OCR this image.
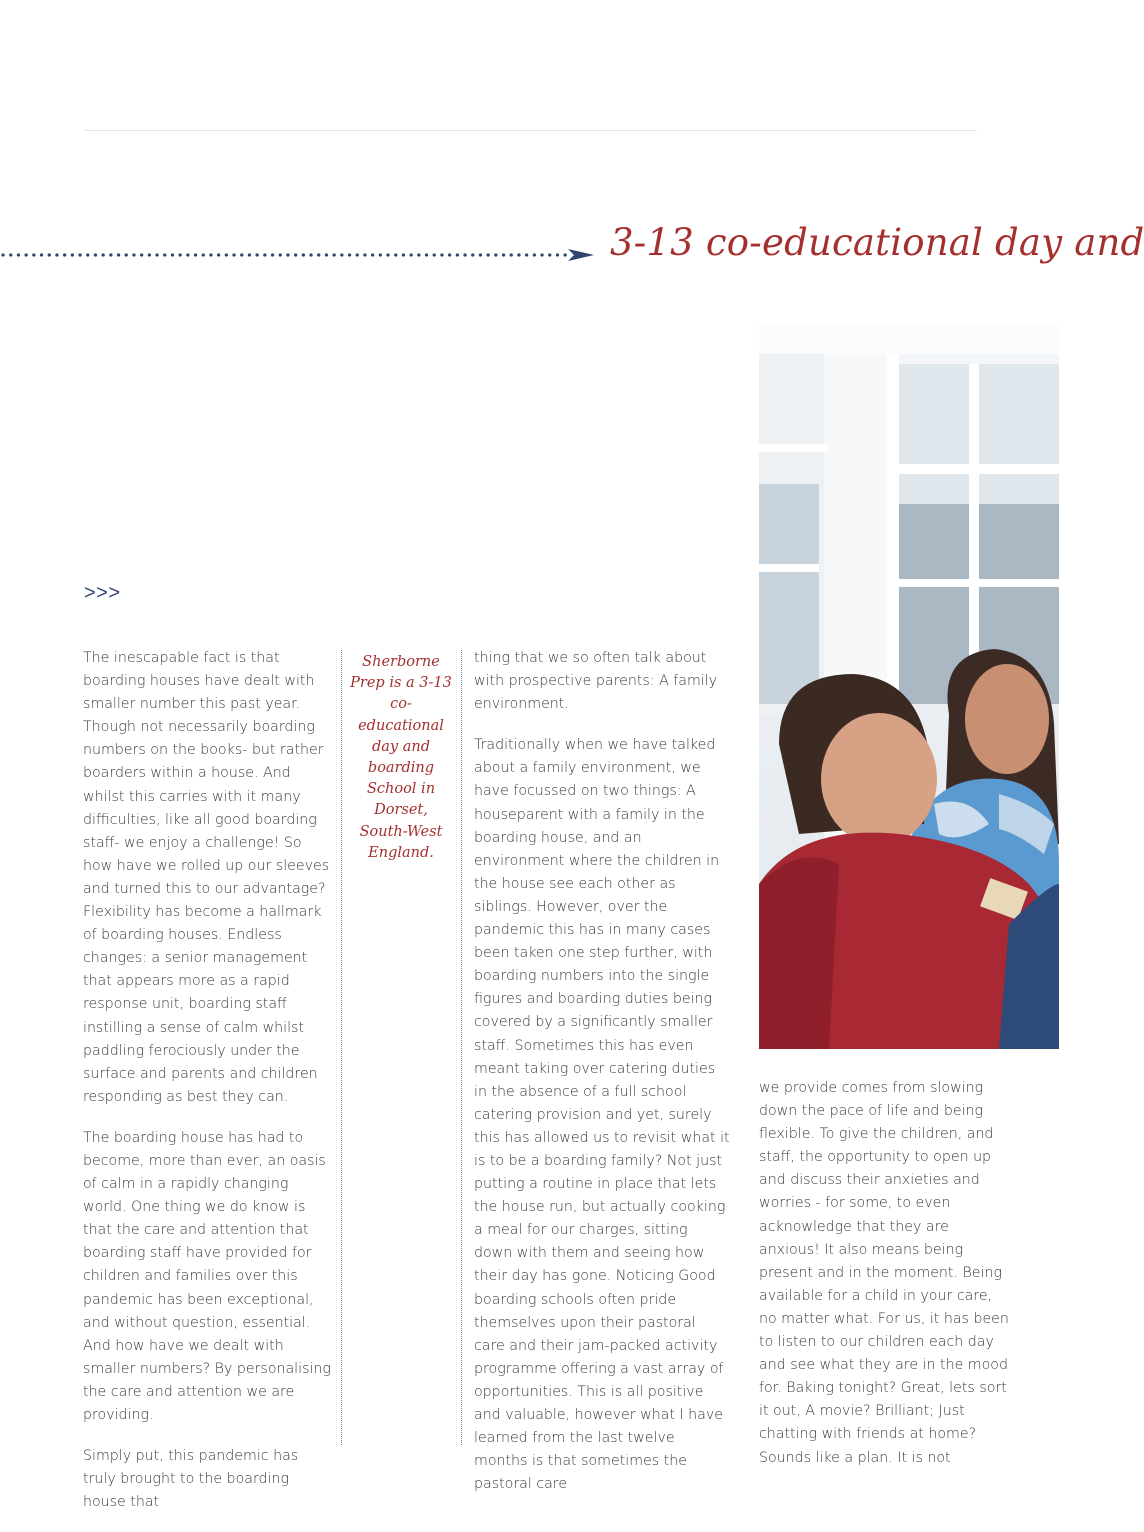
3-13 co-educational day and
>>>

The inescapable fact is that boarding houses have dealt with smaller number this past year. Though not necessarily boarding numbers on the books- but rather boarders within a house. And whilst this carries with it many difficulties, like all good boarding staff- we enjoy a challenge! So how have we rolled up our sleeves and turned this to our advantage? Flexibility has become a hallmark of boarding houses. Endless changes: a senior management that appears more as a rapid response unit, boarding staff instilling a sense of calm whilst paddling ferociously under the surface and parents and children responding as best they can.

The boarding house has had to become, more than ever, an oasis of calm in a rapidly changing world. One thing we do know is that the care and attention that boarding staff have provided for children and families over this pandemic has been exceptional, and without question, essential. And how have we dealt with smaller numbers? By personalising the care and attention we are providing.

Simply put, this pandemic has truly brought to the boarding house that

Sherborne Prep is a 3-13 co-educational day and boarding School in Dorset, South-West England.

thing that we so often talk about with prospective parents: A family environment.

Traditionally when we have talked about a family environment, we have focussed on two things: A houseparent with a family in the boarding house, and an environment where the children in the house see each other as siblings. However, over the pandemic this has in many cases been taken one step further, with boarding numbers into the single figures and boarding duties being covered by a significantly smaller staff. Sometimes this has even meant taking over catering duties in the absence of a full school catering provision and yet, surely this has allowed us to revisit what it is to be a boarding family? Not just putting a routine in place that lets the house run, but actually cooking a meal for our charges, sitting down with them and seeing how their day has gone. Noticing Good boarding schools often pride themselves upon their pastoral care and their jam-packed activity programme offering a vast array of opportunities. This is all positive and valuable, however what I have learned from the last twelve months is that sometimes the pastoral care

we provide comes from slowing down the pace of life and being flexible. To give the children, and staff, the opportunity to open up and discuss their anxieties and worries - for some, to even acknowledge that they are anxious! It also means being present and in the moment. Being available for a child in your care, no matter what. For us, it has been to listen to our children each day and see what they are in the mood for. Baking tonight? Great, lets sort it out, A movie? Brilliant; Just chatting with friends at home? Sounds like a plan. It is not
